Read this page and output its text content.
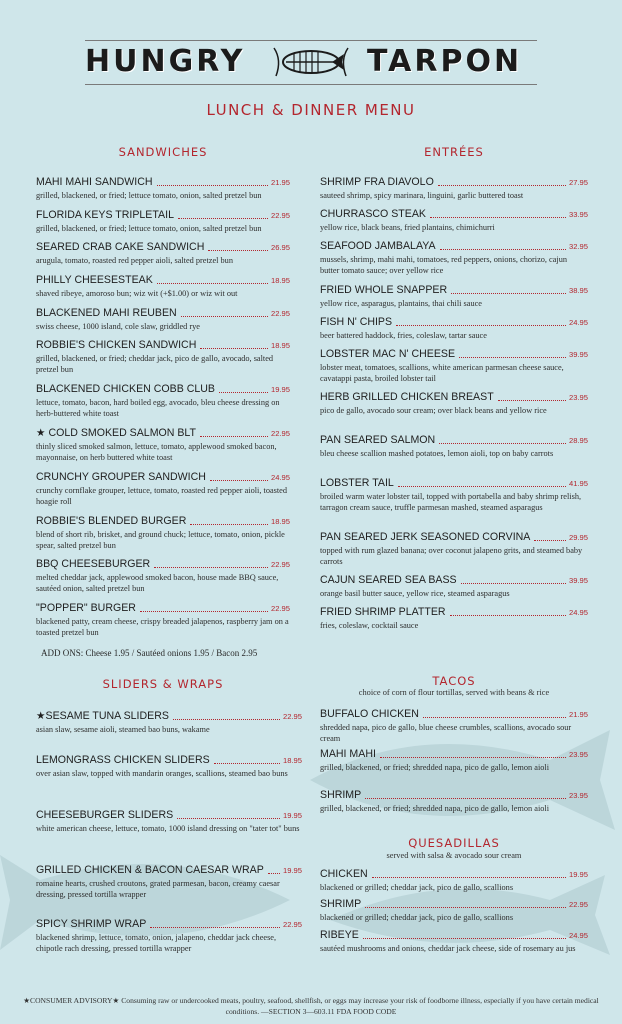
HUNGRY	TARPON
LUNCH & DINNER MENU
SANDWICHES	ENTRÉES
SLIDERS & WRAPS	TACOS
choice of corn of flour tortillas, served with beans & rice
QUESADILLAS
served with salsa & avocado sour cream
MAHI MAHI SANDWICH	21.95
grilled, blackened, or fried; lettuce tomato, onion, salted pretzel bun
FLORIDA KEYS TRIPLETAIL	22.95
grilled, blackened, or fried; lettuce tomato, onion, salted pretzel bun
SEARED CRAB CAKE SANDWICH	26.95
arugula, tomato, roasted red pepper aioli, salted pretzel bun
PHILLY CHEESESTEAK	18.95
shaved ribeye, amoroso bun; wiz wit (+$1.00) or wiz wit out
BLACKENED MAHI REUBEN	22.95
swiss cheese, 1000 island, cole slaw, griddled rye
ROBBIE'S CHICKEN SANDWICH	18.95
grilled, blackened, or fried; cheddar jack, pico de gallo, avocado, salted pretzel bun
BLACKENED CHICKEN COBB CLUB	19.95
lettuce, tomato, bacon, hard boiled egg, avocado, bleu cheese dressing on herb-buttered white toast
★ COLD SMOKED SALMON BLT	22.95
thinly sliced smoked salmon, lettuce, tomato, applewood smoked bacon, mayonnaise, on herb buttered white toast
CRUNCHY GROUPER SANDWICH	24.95
crunchy cornflake grouper, lettuce, tomato, roasted red pepper aioli, toasted hoagie roll
ROBBIE'S BLENDED BURGER	18.95
blend of short rib, brisket, and ground chuck; lettuce, tomato, onion, pickle spear, salted pretzel bun
BBQ CHEESEBURGER	22.95
melted cheddar jack, applewood smoked bacon, house made BBQ sauce, sautéed onion, salted pretzel bun
"POPPER" BURGER	22.95
blackened patty, cream cheese, crispy breaded jalapenos, raspberry jam on a toasted pretzel bun
SHRIMP FRA DIAVOLO	27.95
sauteed shrimp, spicy marinara, linguini, garlic buttered toast
CHURRASCO STEAK	33.95
yellow rice, black beans, fried plantains, chimichurri
SEAFOOD JAMBALAYA	32.95
mussels, shrimp, mahi mahi, tomatoes, red peppers, onions, chorizo, cajun butter tomato sauce; over yellow rice
FRIED WHOLE SNAPPER	38.95
yellow rice, asparagus, plantains, thai chili sauce
FISH N' CHIPS	24.95
beer battered haddock, fries, coleslaw, tartar sauce
LOBSTER MAC N' CHEESE	39.95
lobster meat, tomatoes, scallions, white american parmesan cheese sauce, cavatappi pasta, broiled lobster tail
HERB GRILLED CHICKEN BREAST	23.95
pico de gallo, avocado sour cream; over black beans and yellow rice
PAN SEARED SALMON	28.95
bleu cheese scallion mashed potatoes, lemon aioli, top on baby carrots
LOBSTER TAIL	41.95
broiled warm water lobster tail, topped with portabella and baby shrimp relish, tarragon cream sauce, truffle parmesan mashed, steamed asparagus
PAN SEARED JERK SEASONED CORVINA	29.95
topped with rum glazed banana; over coconut jalapeno grits, and steamed baby carrots
CAJUN SEARED SEA BASS	39.95
orange basil butter sauce, yellow rice, steamed asparagus
FRIED SHRIMP PLATTER	24.95
fries, coleslaw, cocktail sauce
★SESAME TUNA SLIDERS	22.95
asian slaw, sesame aioli, steamed bao buns, wakame
LEMONGRASS CHICKEN SLIDERS	18.95
over asian slaw, topped with mandarin oranges, scallions, steamed bao buns
CHEESEBURGER SLIDERS	19.95
white american cheese, lettuce, tomato, 1000 island dressing on "tater tot" buns
GRILLED CHICKEN & BACON CAESAR WRAP	19.95
romaine hearts, crushed croutons, grated parmesan, bacon, creamy caesar dressing, pressed tortilla wrapper
SPICY SHRIMP WRAP	22.95
blackened shrimp, lettuce, tomato, onion, jalapeno, cheddar jack cheese, chipotle rach dressing, pressed tortilla wrapper
BUFFALO CHICKEN	21.95
shredded napa, pico de gallo, blue cheese crumbles, scallions, avocado sour cream
MAHI MAHI	23.95
grilled, blackened, or fried; shredded napa, pico de gallo, lemon aioli
SHRIMP	23.95
grilled, blackened, or fried; shredded napa, pico de gallo, lemon aioli
CHICKEN	19.95
blackened or grilled; cheddar jack, pico de gallo, scallions
SHRIMP	22.95
blackened or grilled; cheddar jack, pico de gallo, scallions
RIBEYE	24.95
sautéed mushrooms and onions, cheddar jack cheese, side of rosemary au jus
ADD ONS: Cheese 1.95 / Sautéed onions 1.95 / Bacon 2.95
★CONSUMER ADVISORY★ Consuming raw or undercooked meats, poultry, seafood, shellfish, or eggs may increase your risk of foodborne illness, especially if you have certain medical conditions. —SECTION 3—603.11 FDA FOOD CODE
